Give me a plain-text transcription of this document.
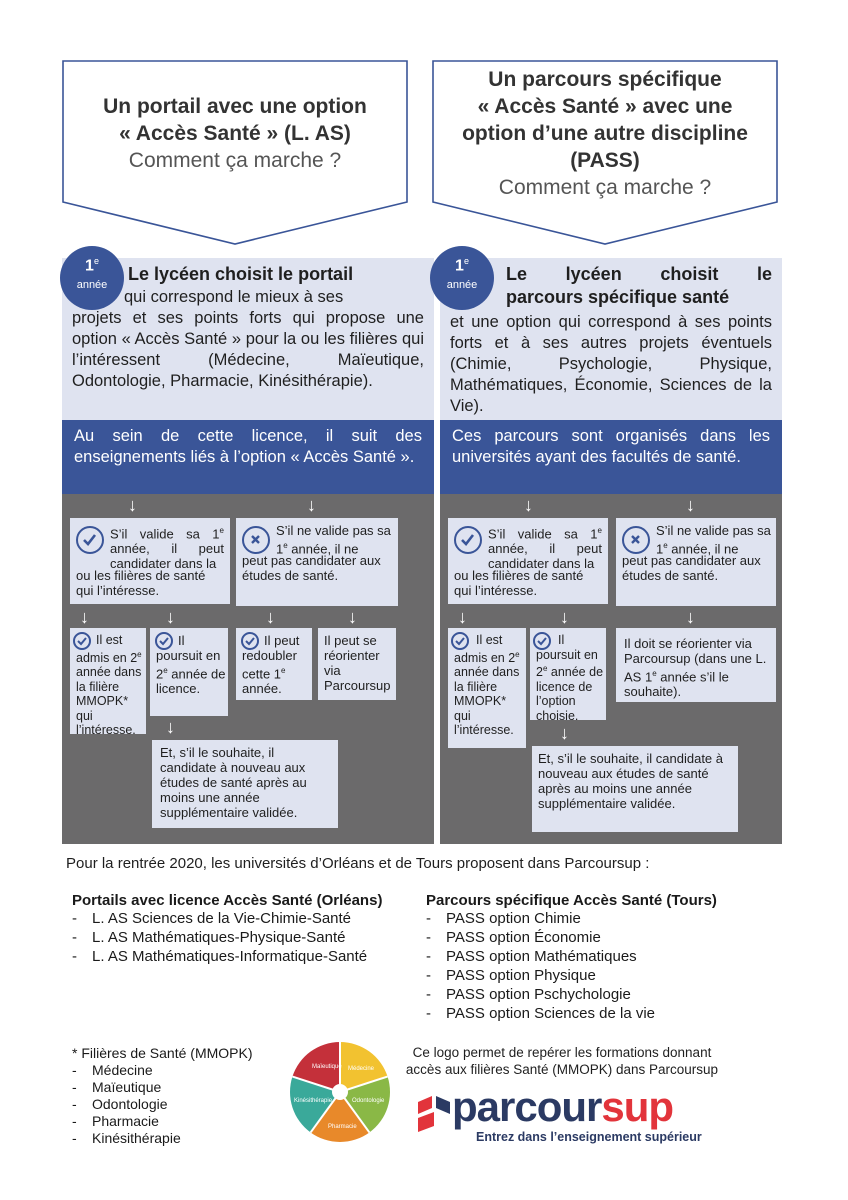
Un portail avec une option
« Accès Santé » (L. AS)
Comment ça marche ?
Un parcours spécifique
« Accès Santé » avec une
option d’une autre discipline
(PASS)
Comment ça marche ?
Le lycéen choisit le portail
qui correspond le mieux à ses
projets et ses points forts qui propose une option « Accès Santé » pour la ou les filières qui l’intéressent (Médecine, Maïeutique, Odontologie, Pharmacie, Kinésithérapie).
Au sein de cette licence, il suit des enseignements liés à l’option « Accès Santé ».
↓	↓
S’il valide sa 1e année, il peut candidater dans la
ou les filières de santé qui l’intéresse.
S’il ne valide pas sa 1e année, il ne
peut pas candidater aux études de santé.
↓	↓	↓	↓
Il est admis en 2e année dans la filière MMOPK* qui l’intéresse.
Il poursuit en 2e année de licence.
Il peut redoubler cette 1e année.
Il peut se réorienter via Parcoursup
↓
Et, s’il le souhaite, il candidate à nouveau aux études de santé après au moins une année supplémentaire validée.
1e
année
Le lycéen choisit le
parcours spécifique santé
et une option qui correspond à ses points forts et à ses autres projets éventuels (Chimie, Psychologie, Physique, Mathématiques, Économie, Sciences de la Vie).
Ces parcours sont organisés dans les universités ayant des facultés de santé.
↓	↓
S’il valide sa 1e année, il peut candidater dans la
ou les filières de santé qui l’intéresse.
S’il ne valide pas sa 1e année, il ne
peut pas candidater aux études de santé.
↓	↓	↓
Il est admis en 2e année dans la filière MMOPK* qui l’intéresse.
Il poursuit en 2e année de licence de l’option choisie.
Il doit se réorienter via Parcoursup (dans une L. AS 1e année s’il le souhaite).
↓
Et, s’il le souhaite, il candidate à nouveau aux études de santé après au moins une année supplémentaire validée.
1e
année
Pour la rentrée 2020, les universités d’Orléans et de Tours proposent dans Parcoursup :
Portails avec licence Accès Santé (Orléans)
- L. AS Sciences de la Vie-Chimie-Santé
- L. AS Mathématiques-Physique-Santé
- L. AS Mathématiques-Informatique-Santé
Parcours spécifique Accès Santé (Tours)
- PASS option Chimie
- PASS option Économie
- PASS option Mathématiques
- PASS option Physique
- PASS option Pschychologie
- PASS option Sciences de la vie
* Filières de Santé (MMOPK)
- Médecine
- Maïeutique
- Odontologie
- Pharmacie
- Kinésithérapie
Maïeutique Médecine
Odontologie
Pharmacie
Kinésithérapie
Ce logo permet de repérer les formations donnant
accès aux filières Santé (MMOPK) dans Parcoursup
parcoursup
Entrez dans l’enseignement supérieur
